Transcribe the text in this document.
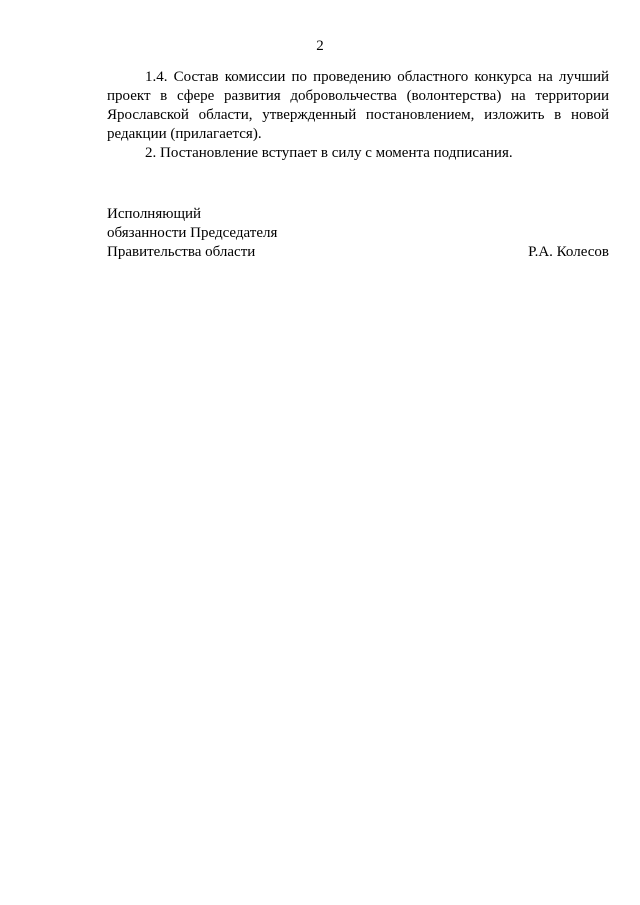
2

1.4. Состав комиссии по проведению областного конкурса на лучший проект в сфере развития добровольчества (волонтерства) на территории Ярославской области, утвержденный постановлением, изложить в новой редакции (прилагается).

2. Постановление вступает в силу с момента подписания.

Исполняющий
обязанности Председателя
Правительства области	Р.А. Колесов
